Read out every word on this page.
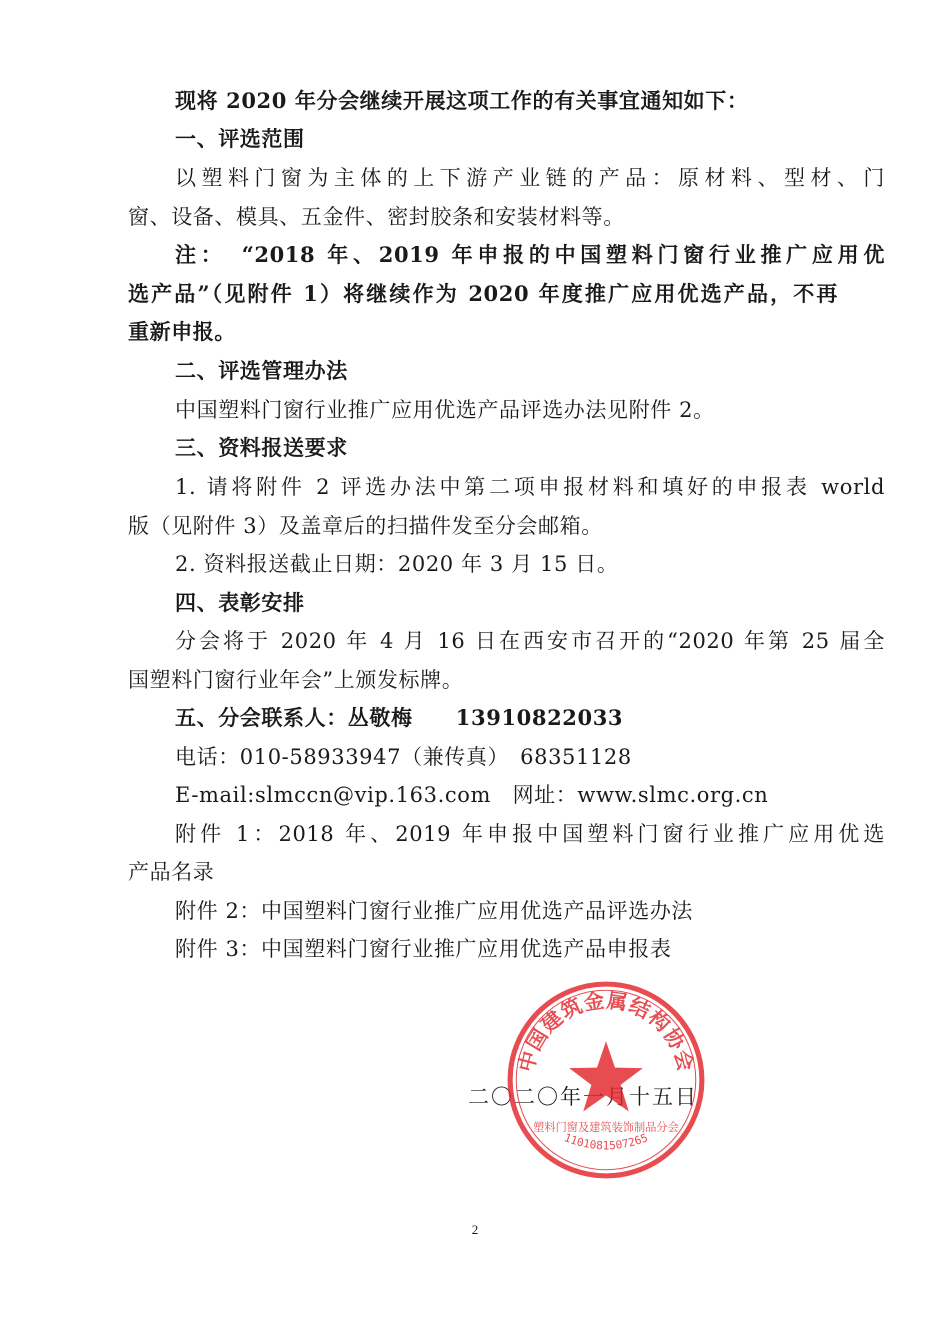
现将 2020 年分会继续开展这项工作的有关事宜通知如下：
一、评选范围
以塑料门窗为主体的上下游产业链的产品：原材料、型材、门
窗、设备、模具、五金件、密封胶条和安装材料等。
注：　“2018 年、2019 年申报的中国塑料门窗行业推广应用优
选产品”（见附件 1）将继续作为 2020 年度推广应用优选产品，不再
重新申报。
二、评选管理办法
中国塑料门窗行业推广应用优选产品评选办法见附件 2。
三、资料报送要求
1. 请将附件 2 评选办法中第二项申报材料和填好的申报表 world
版（见附件 3）及盖章后的扫描件发至分会邮箱。
2. 资料报送截止日期：2020 年 3 月 15 日。
四、表彰安排
分会将于 2020 年 4 月 16 日在西安市召开的“2020 年第 25 届全
国塑料门窗行业年会”上颁发标牌。
五、分会联系人：丛敬梅　　13910822033
电话：010-58933947（兼传真）　68351128
E-mail:slmccn@vip.163.com　网址：www.slmc.org.cn
附件 1：2018 年、2019 年申报中国塑料门窗行业推广应用优选
产品名录
附件 2：中国塑料门窗行业推广应用优选产品评选办法
附件 3：中国塑料门窗行业推广应用优选产品申报表
二〇二〇年一月十五日
中国建筑金属结构协会
塑料门窗及建筑装饰制品分会
1101081507265
2
